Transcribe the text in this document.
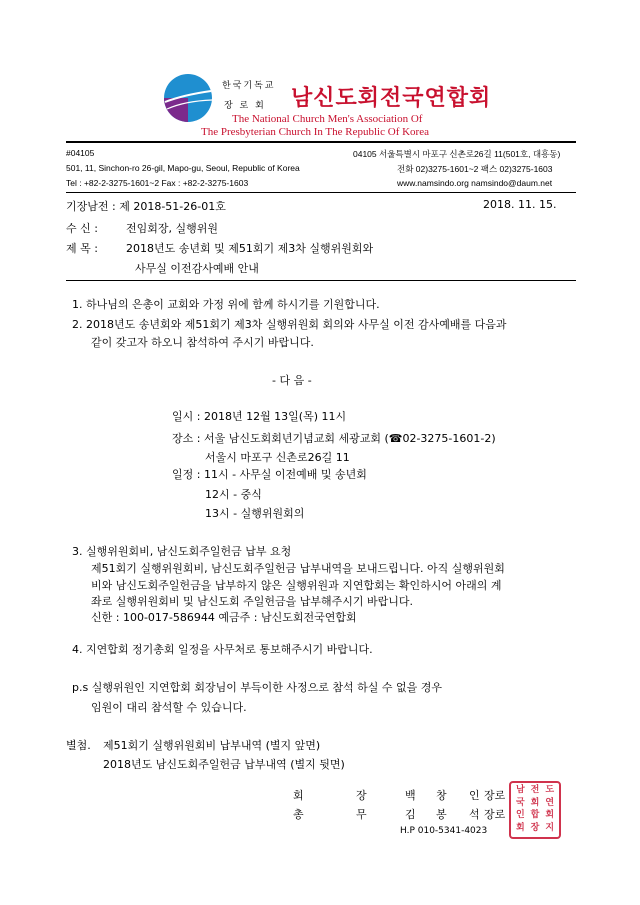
한국기독교
장 로 회 남신도회전국연합회
The National Church Men's Association Of
The Presbyterian Church In The Republic Of Korea
#04105
501, 11, Sinchon-ro 26-gil, Mapo-gu, Seoul, Republic of Korea
Tel : +82-2-3275-1601~2 Fax : +82-2-3275-1603
04105 서울특별시 마포구 신촌로26길 11(501호, 대흥동)
전화 02)3275-1601~2 팩스 02)3275-1603
www.namsindo.org namsindo@daum.net
기장남전 : 제 2018-51-26-01호	2018. 11. 15.
수 신 :	전임회장, 실행위원
제 목 :	2018년도 송년회 및 제51회기 제3차 실행위원회와
사무실 이전감사예배 안내
1. 하나님의 은총이 교회와 가정 위에 함께 하시기를 기원합니다.
2. 2018년도 송년회와 제51회기 제3차 실행위원회 회의와 사무실 이전 감사예배를 다음과
같이 갖고자 하오니 참석하여 주시기 바랍니다.
- 다 음 -
일시 : 2018년 12월 13일(목) 11시
장소 : 서울 남신도회회년기념교회 세광교회 (☎02-3275-1601-2)
서울시 마포구 신촌로26길 11
일정 : 11시 - 사무실 이전예배 및 송년회
12시 - 중식
13시 - 실행위원회의
3. 실행위원회비, 남신도회주일헌금 납부 요청
제51회기 실행위원회비, 남신도회주일헌금 납부내역을 보내드립니다. 아직 실행위원회
비와 남신도회주일헌금을 납부하지 않은 실행위원과 지연합회는 확인하시어 아래의 계
좌로 실행위원회비 및 남신도회 주일헌금을 납부해주시기 바랍니다.
신한 : 100-017-586944 예금주 : 남신도회전국연합회
4. 지연합회 정기총회 일정을 사무처로 통보해주시기 바랍니다.
p.s 실행위원인 지연합회 회장님이 부득이한 사정으로 참석 하실 수 없을 경우
임원이 대리 참석할 수 있습니다.
별첨. 제51회기 실행위원회비 납부내역 (별지 앞면)
2018년도 남신도회주일헌금 납부내역 (별지 뒷면)
회	장	백 창 인 장로
총	무	김 봉 석 장로
H.P 010-5341-4023
남 전 도
국 회 연
인 합 회
회 장 지
